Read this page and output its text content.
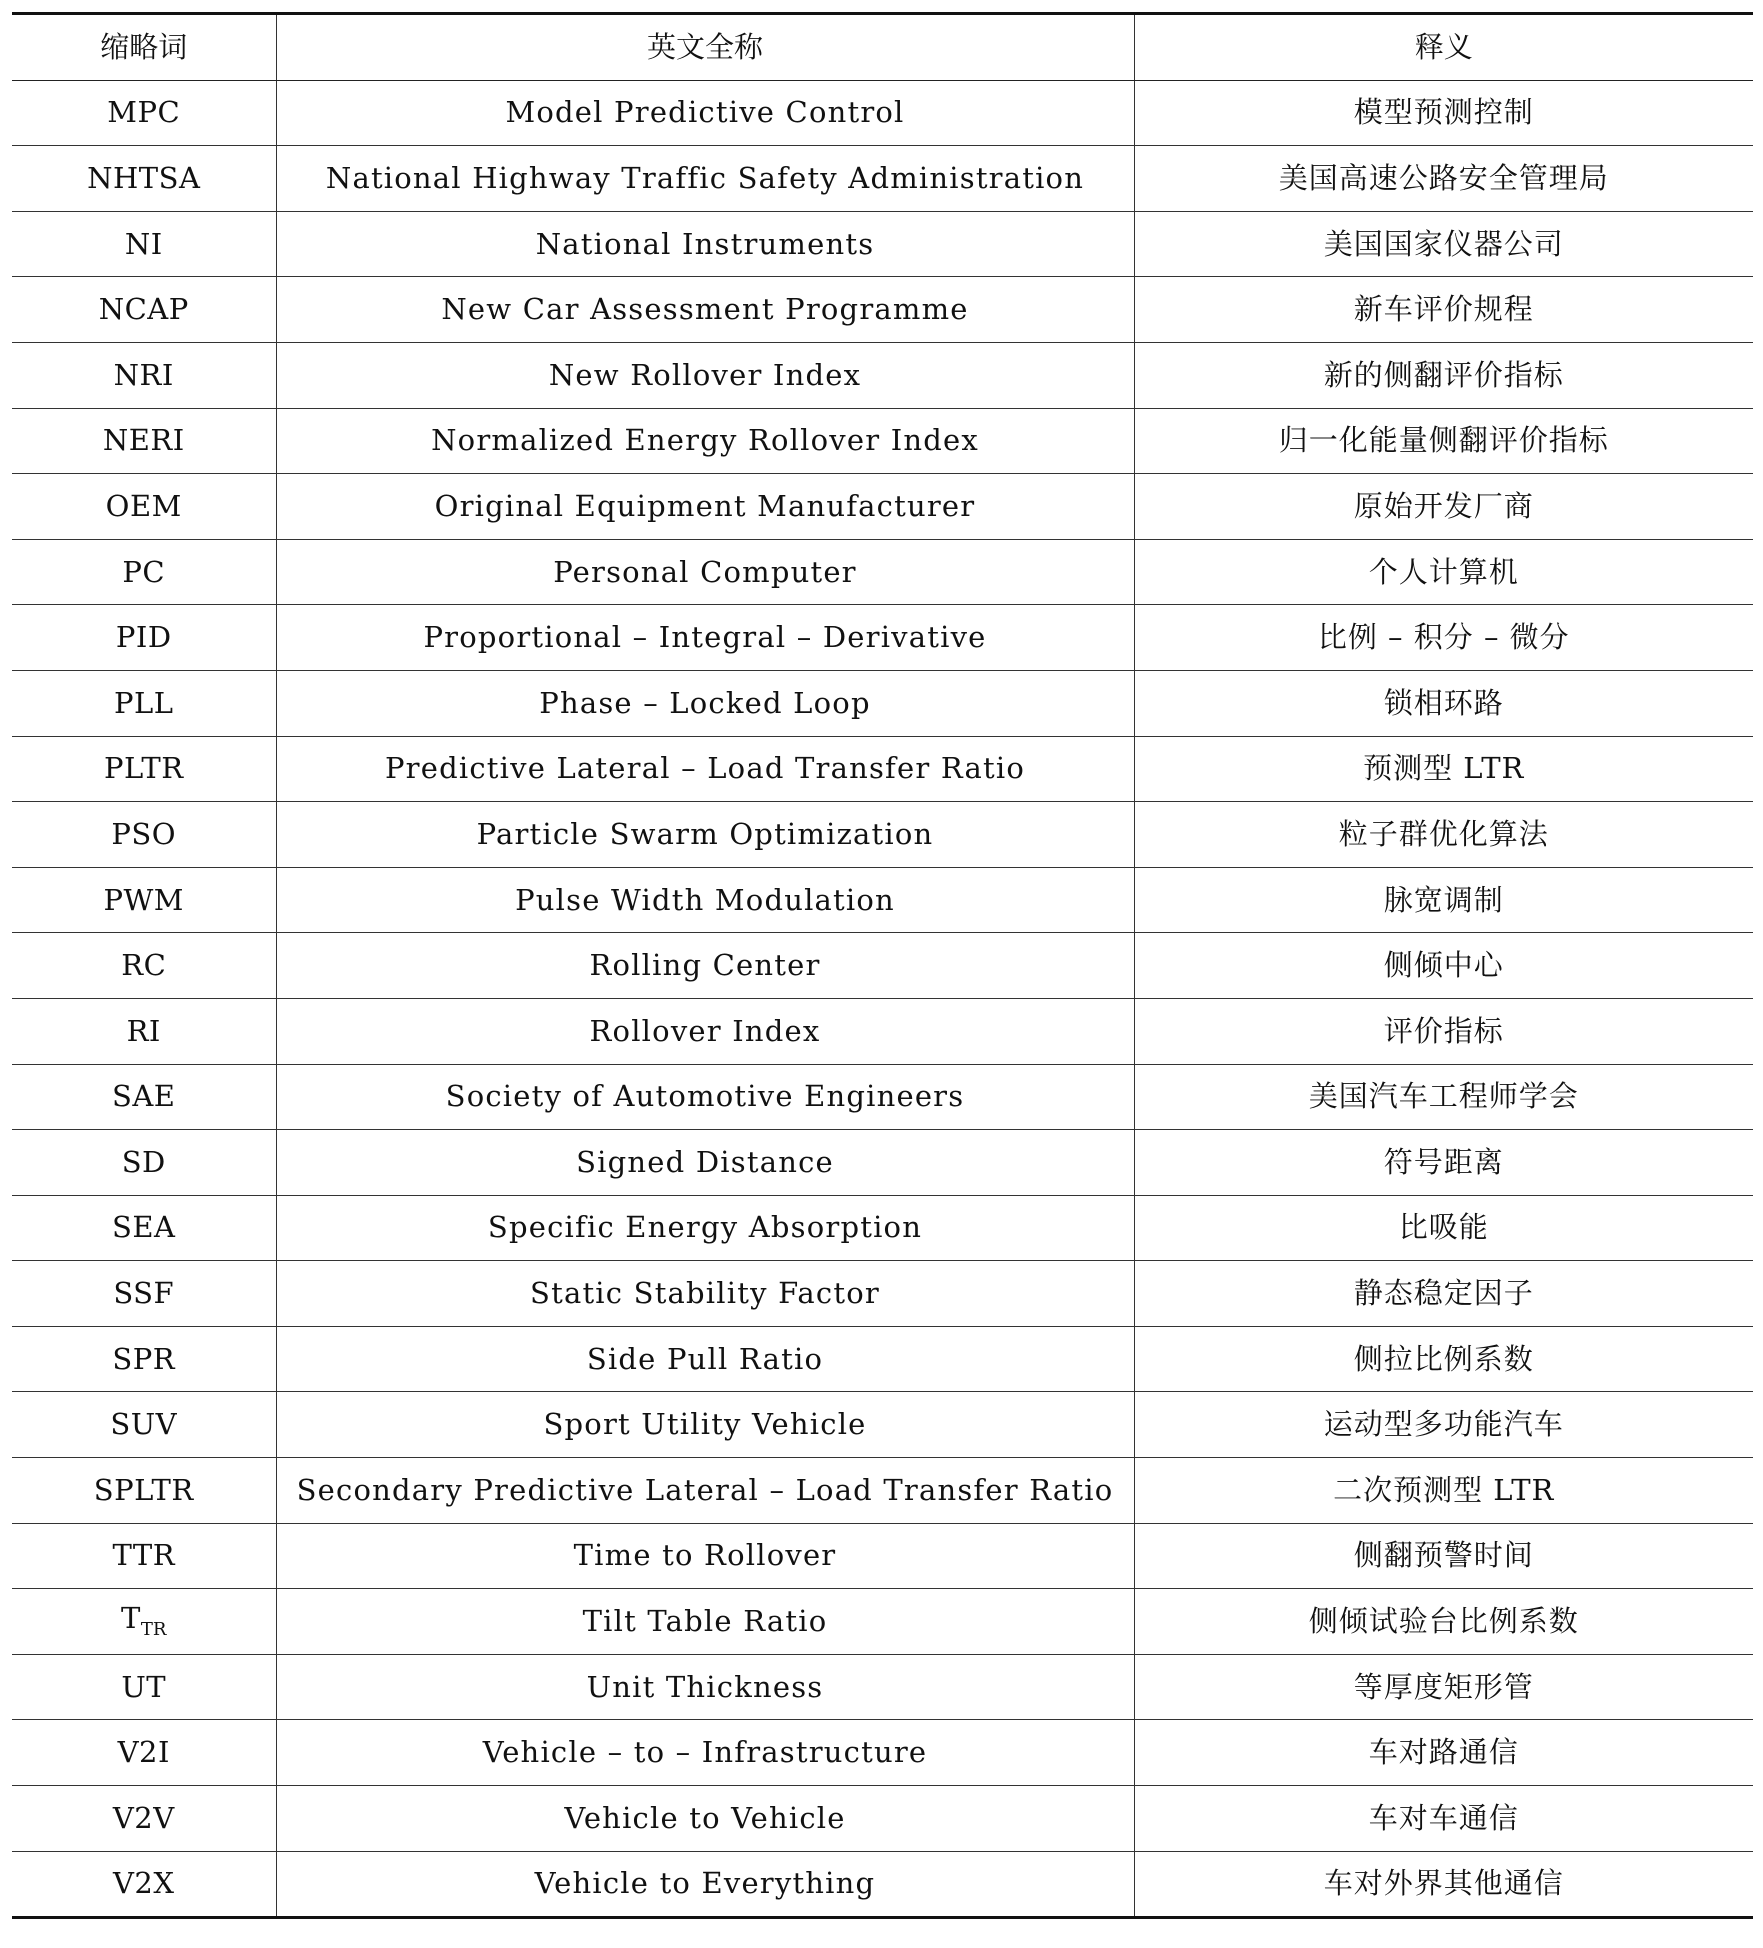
缩略词	英文全称	释义
MPC	Model Predictive Control	模型预测控制
NHTSA	National Highway Traffic Safety Administration	美国高速公路安全管理局
NI	National Instruments	美国国家仪器公司
NCAP	New Car Assessment Programme	新车评价规程
NRI	New Rollover Index	新的侧翻评价指标
NERI	Normalized Energy Rollover Index	归一化能量侧翻评价指标
OEM	Original Equipment Manufacturer	原始开发厂商
PC	Personal Computer	个人计算机
PID	Proportional – Integral – Derivative	比例 – 积分 – 微分
PLL	Phase – Locked Loop	锁相环路
PLTR	Predictive Lateral – Load Transfer Ratio	预测型 LTR
PSO	Particle Swarm Optimization	粒子群优化算法
PWM	Pulse Width Modulation	脉宽调制
RC	Rolling Center	侧倾中心
RI	Rollover Index	评价指标
SAE	Society of Automotive Engineers	美国汽车工程师学会
SD	Signed Distance	符号距离
SEA	Specific Energy Absorption	比吸能
SSF	Static Stability Factor	静态稳定因子
SPR	Side Pull Ratio	侧拉比例系数
SUV	Sport Utility Vehicle	运动型多功能汽车
SPLTR	Secondary Predictive Lateral – Load Transfer Ratio	二次预测型 LTR
TTR	Time to Rollover	侧翻预警时间
$T_{TR}$	Tilt Table Ratio	侧倾试验台比例系数
UT	Unit Thickness	等厚度矩形管
V2I	Vehicle – to – Infrastructure	车对路通信
V2V	Vehicle to Vehicle	车对车通信
V2X	Vehicle to Everything	车对外界其他通信
